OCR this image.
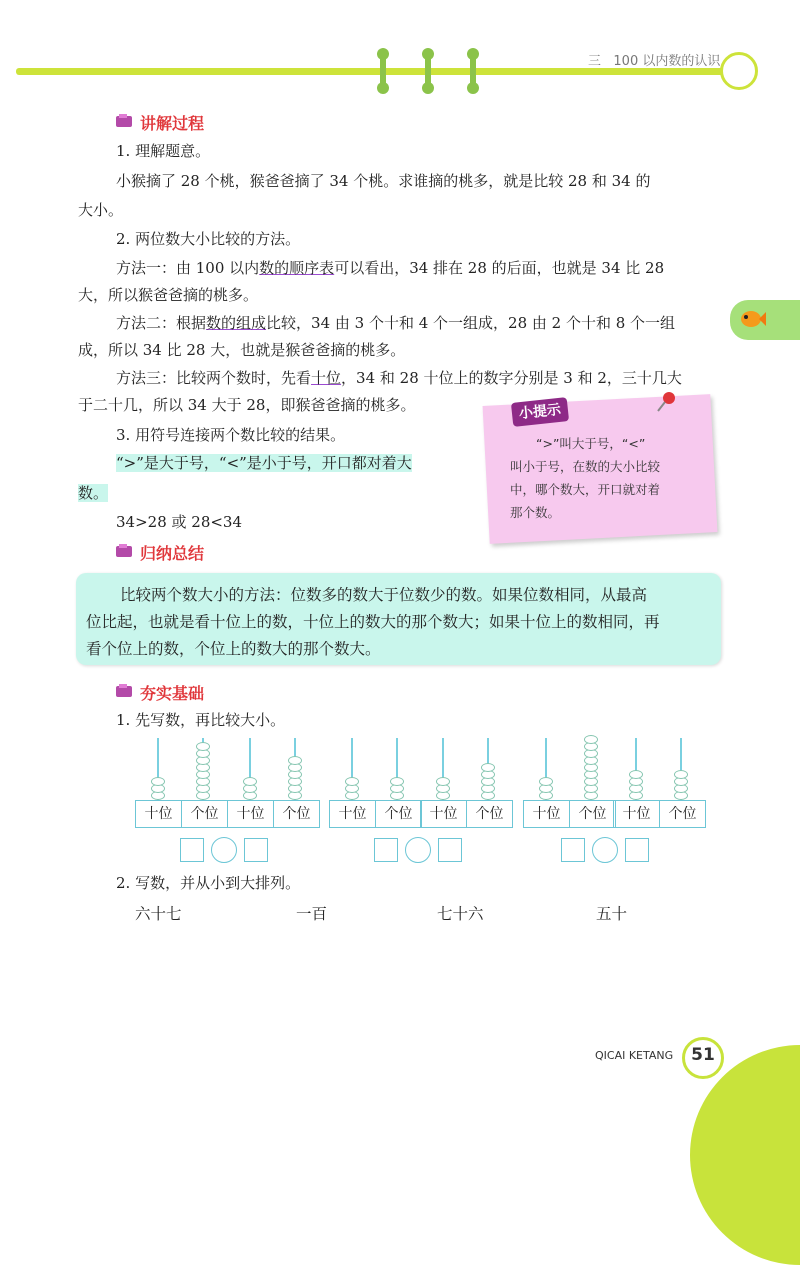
三   100 以内数的认识
讲解过程
1. 理解题意。
小猴摘了 28 个桃，猴爸爸摘了 34 个桃。求谁摘的桃多，就是比较 28 和 34 的
大小。
2. 两位数大小比较的方法。
方法一：由 100 以内数的顺序表可以看出，34 排在 28 的后面，也就是 34 比 28
大，所以猴爸爸摘的桃多。
方法二：根据数的组成比较，34 由 3 个十和 4 个一组成，28 由 2 个十和 8 个一组
成，所以 34 比 28 大，也就是猴爸爸摘的桃多。
方法三：比较两个数时，先看十位，34 和 28 十位上的数字分别是 3 和 2，三十几大
于二十几，所以 34 大于 28，即猴爸爸摘的桃多。
3. 用符号连接两个数比较的结果。
“>”是大于号，“<”是小于号，开口都对着大
数。
34>28 或 28<34
小提示
“>”叫大于号，“<”
叫小于号，在数的大小比较
中，哪个数大，开口就对着
那个数。
归纳总结
比较两个数大小的方法：位数多的数大于位数少的数。如果位数相同，从最高
位比起，也就是看十位上的数，十位上的数大的那个数大；如果十位上的数相同，再
看个位上的数，个位上的数大的那个数大。
夯实基础
1. 先写数，再比较大小。
十位	个位	十位	个位	十位	个位	十位	个位	十位	个位	十位	个位
2. 写数，并从小到大排列。
六十七	一百	七十六	五十
51
QICAI KETANG
